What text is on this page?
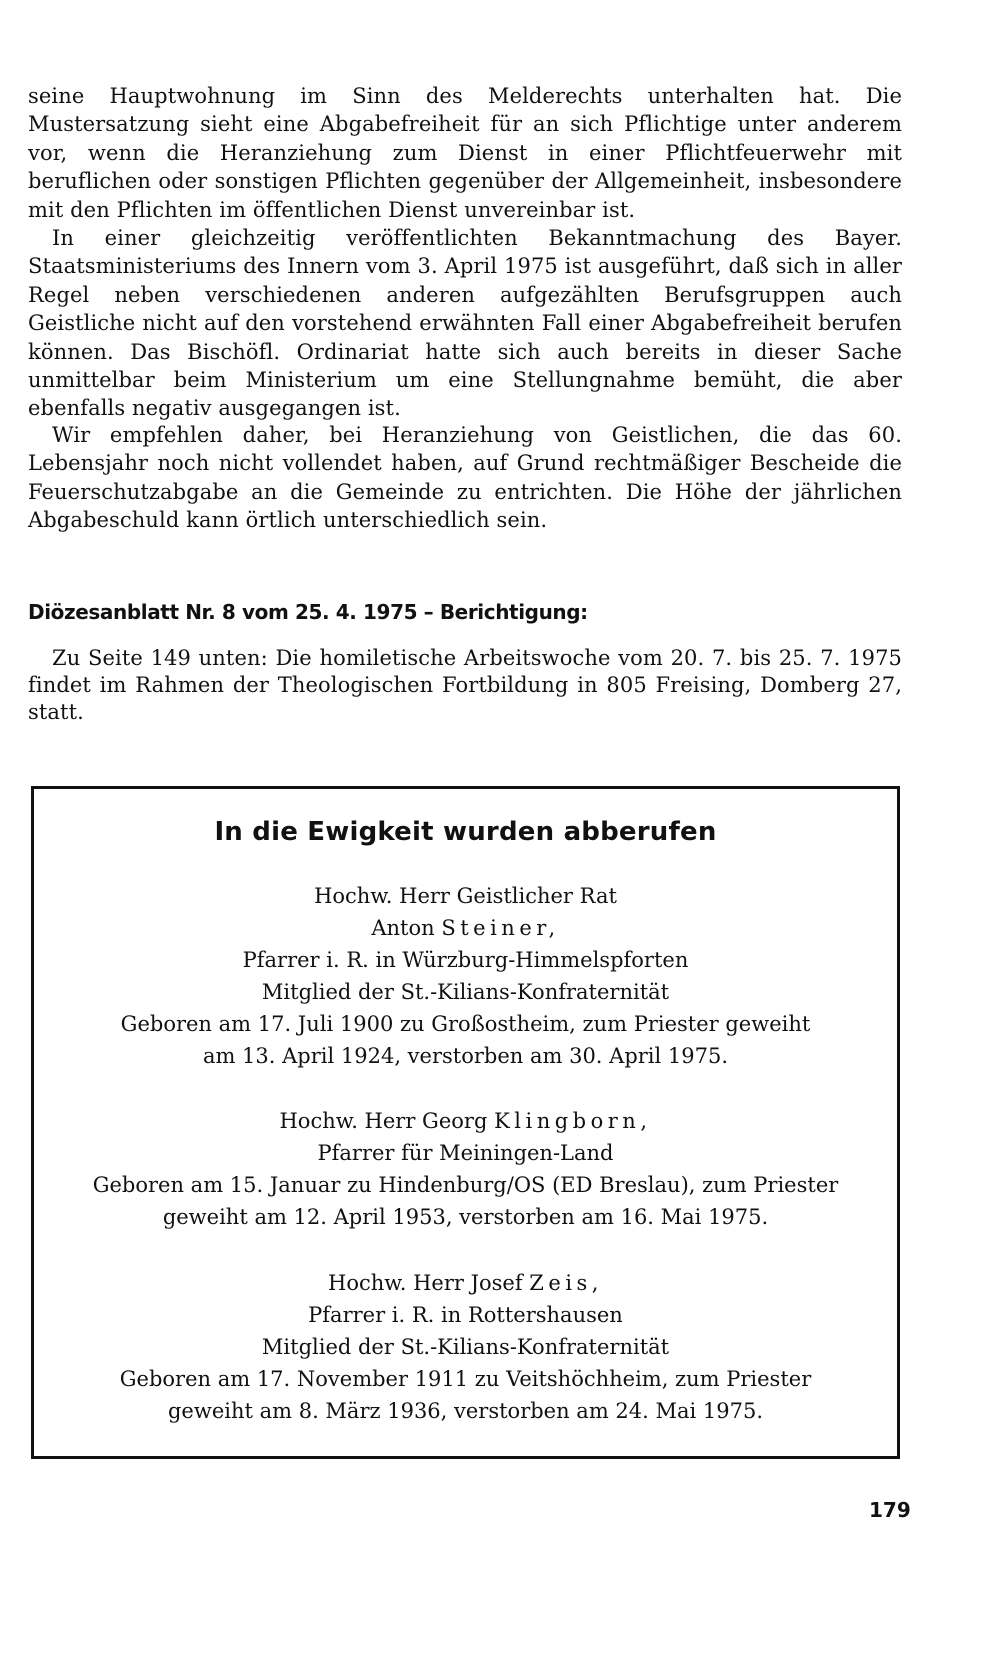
seine Hauptwohnung im Sinn des Melderechts unterhalten hat. Die Mustersatzung sieht eine Abgabefreiheit für an sich Pflichtige unter anderem vor, wenn die Heranziehung zum Dienst in einer Pflichtfeuerwehr mit beruflichen oder sonstigen Pflichten gegenüber der Allgemeinheit, insbesondere mit den Pflichten im öffentlichen Dienst unvereinbar ist.

In einer gleichzeitig veröffentlichten Bekanntmachung des Bayer. Staatsministeriums des Innern vom 3. April 1975 ist ausgeführt, daß sich in aller Regel neben verschiedenen anderen aufgezählten Berufsgruppen auch Geistliche nicht auf den vorstehend erwähnten Fall einer Abgabefreiheit berufen können. Das Bischöfl. Ordinariat hatte sich auch bereits in dieser Sache unmittelbar beim Ministerium um eine Stellungnahme bemüht, die aber ebenfalls negativ ausgegangen ist.

Wir empfehlen daher, bei Heranziehung von Geistlichen, die das 60. Lebensjahr noch nicht vollendet haben, auf Grund rechtmäßiger Bescheide die Feuerschutzabgabe an die Gemeinde zu entrichten. Die Höhe der jährlichen Abgabeschuld kann örtlich unterschiedlich sein.

Diözesanblatt Nr. 8 vom 25. 4. 1975 – Berichtigung:

Zu Seite 149 unten: Die homiletische Arbeitswoche vom 20. 7. bis 25. 7. 1975 findet im Rahmen der Theologischen Fortbildung in 805 Freising, Domberg 27, statt.

In die Ewigkeit wurden abberufen
Hochw. Herr Geistlicher Rat
Anton Steiner,
Pfarrer i. R. in Würzburg-Himmelspforten
Mitglied der St.-Kilians-Konfraternität
Geboren am 17. Juli 1900 zu Großostheim, zum Priester geweiht
am 13. April 1924, verstorben am 30. April 1975.
Hochw. Herr Georg Klingborn,
Pfarrer für Meiningen-Land
Geboren am 15. Januar zu Hindenburg/OS (ED Breslau), zum Priester
geweiht am 12. April 1953, verstorben am 16. Mai 1975.
Hochw. Herr Josef Zeis,
Pfarrer i. R. in Rottershausen
Mitglied der St.-Kilians-Konfraternität
Geboren am 17. November 1911 zu Veitshöchheim, zum Priester
geweiht am 8. März 1936, verstorben am 24. Mai 1975.

179
